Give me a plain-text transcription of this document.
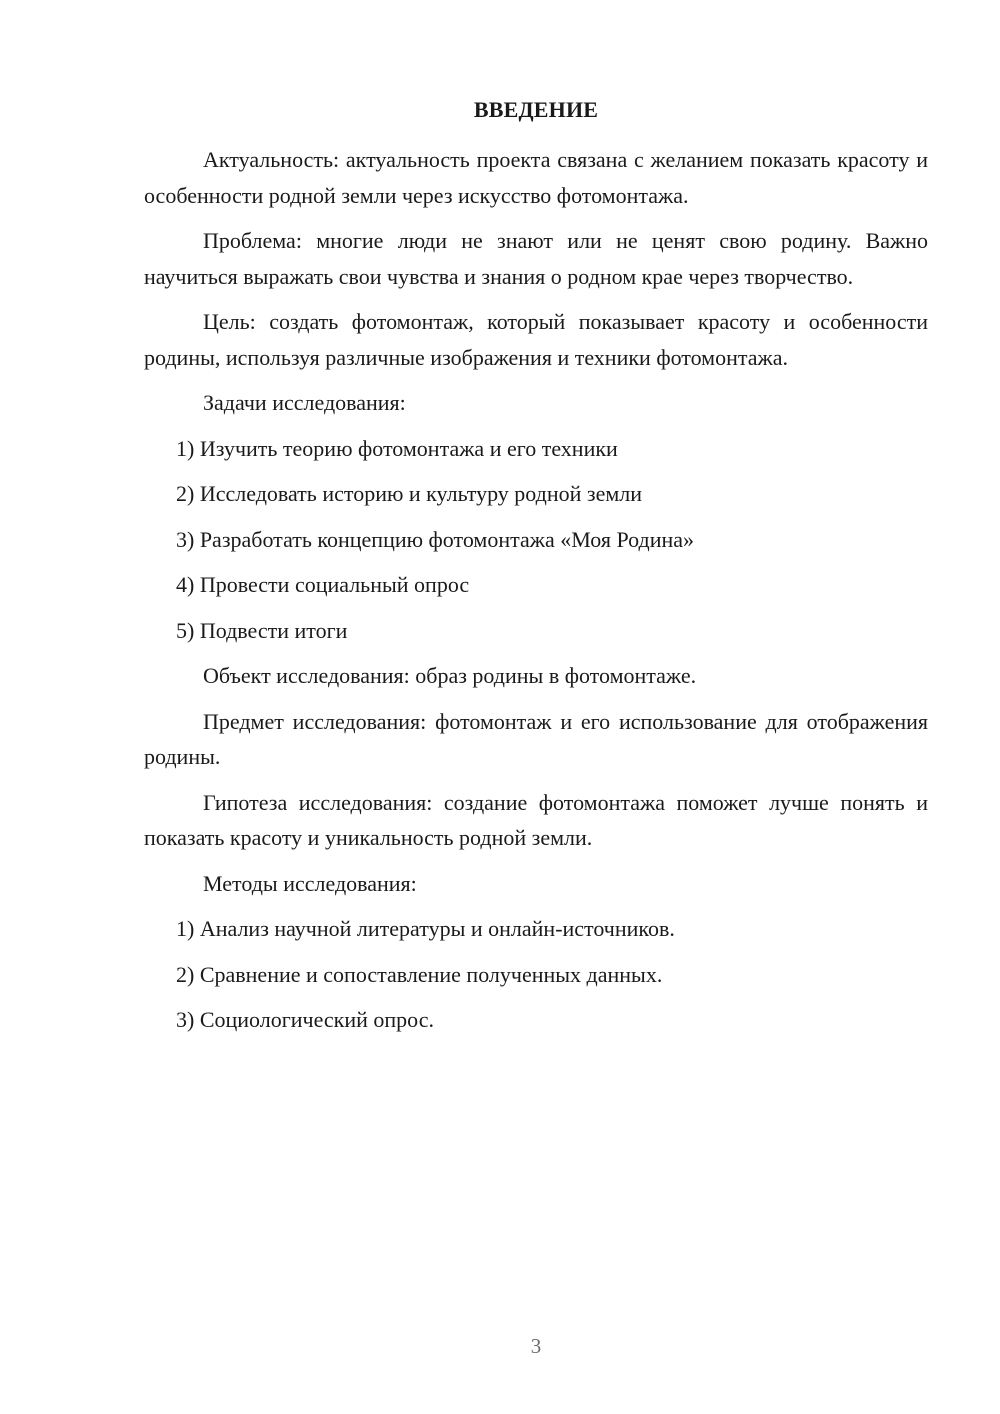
ВВЕДЕНИЕ

Актуальность: актуальность проекта связана с желанием показать красоту и особенности родной земли через искусство фотомонтажа.

Проблема: многие люди не знают или не ценят свою родину. Важно научиться выражать свои чувства и знания о родном крае через творчество.

Цель: создать фотомонтаж, который показывает красоту и особенности родины, используя различные изображения и техники фотомонтажа.

Задачи исследования:

1) Изучить теорию фотомонтажа и его техники

2) Исследовать историю и культуру родной земли

3) Разработать концепцию фотомонтажа «Моя Родина»

4) Провести социальный опрос

5) Подвести итоги

Объект исследования: образ родины в фотомонтаже.

Предмет исследования: фотомонтаж и его использование для отображения родины.

Гипотеза исследования: создание фотомонтажа поможет лучше понять и показать красоту и уникальность родной земли.

Методы исследования:

1) Анализ научной литературы и онлайн-источников.

2) Сравнение и сопоставление полученных данных.

3) Социологический опрос.

3
